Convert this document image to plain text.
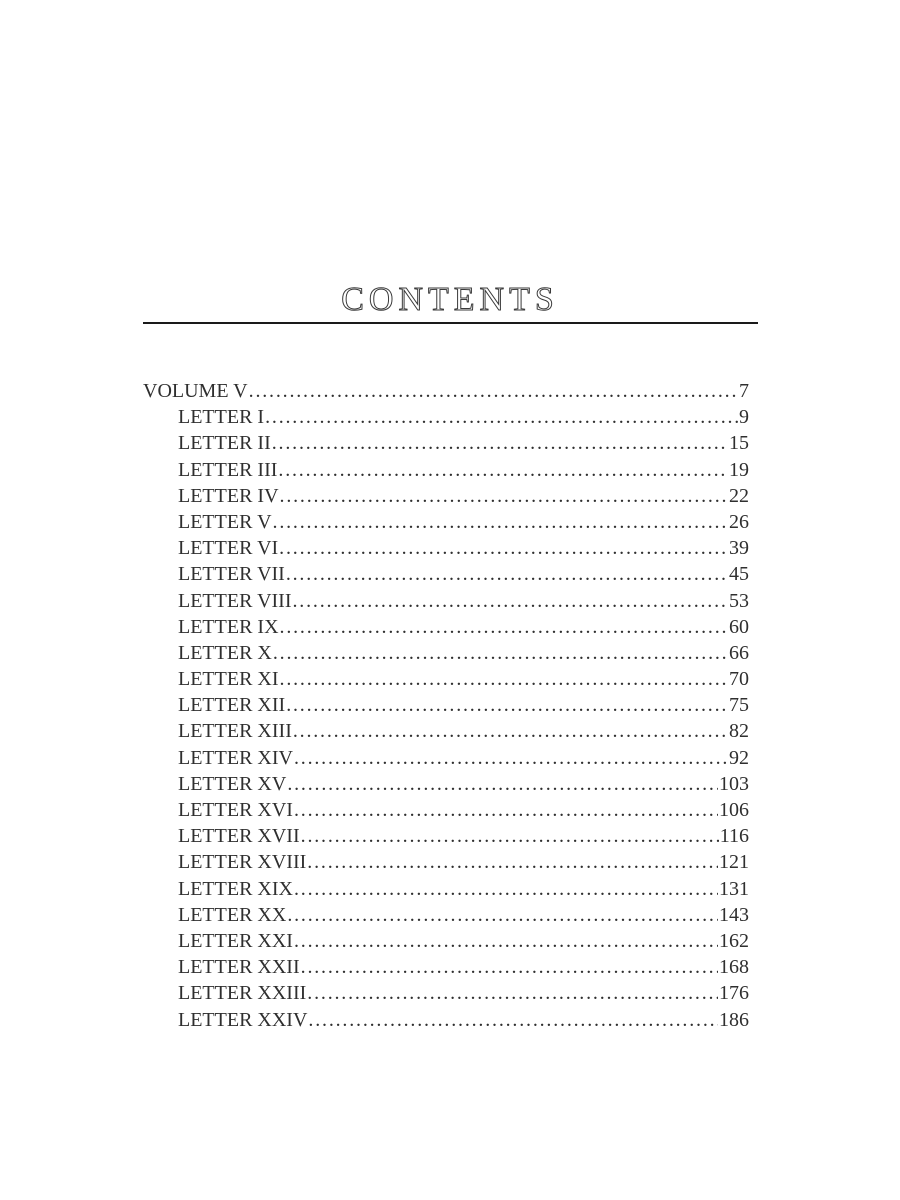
CONTENTS
VOLUME V . . .	7
LETTER I . . .	9
LETTER II . . .	15
LETTER III . . .	19
LETTER IV . . .	22
LETTER V . . .	26
LETTER VI . . .	39
LETTER VII . . .	45
LETTER VIII . . .	53
LETTER IX . . .	60
LETTER X . . .	66
LETTER XI . . .	70
LETTER XII . . .	75
LETTER XIII . . .	82
LETTER XIV . . .	92
LETTER XV . . .	103
LETTER XVI . . .	106
LETTER XVII . . .	116
LETTER XVIII . . .	121
LETTER XIX . . .	131
LETTER XX . . .	143
LETTER XXI . . .	162
LETTER XXII . . .	168
LETTER XXIII . . .	176
LETTER XXIV . . .	186
